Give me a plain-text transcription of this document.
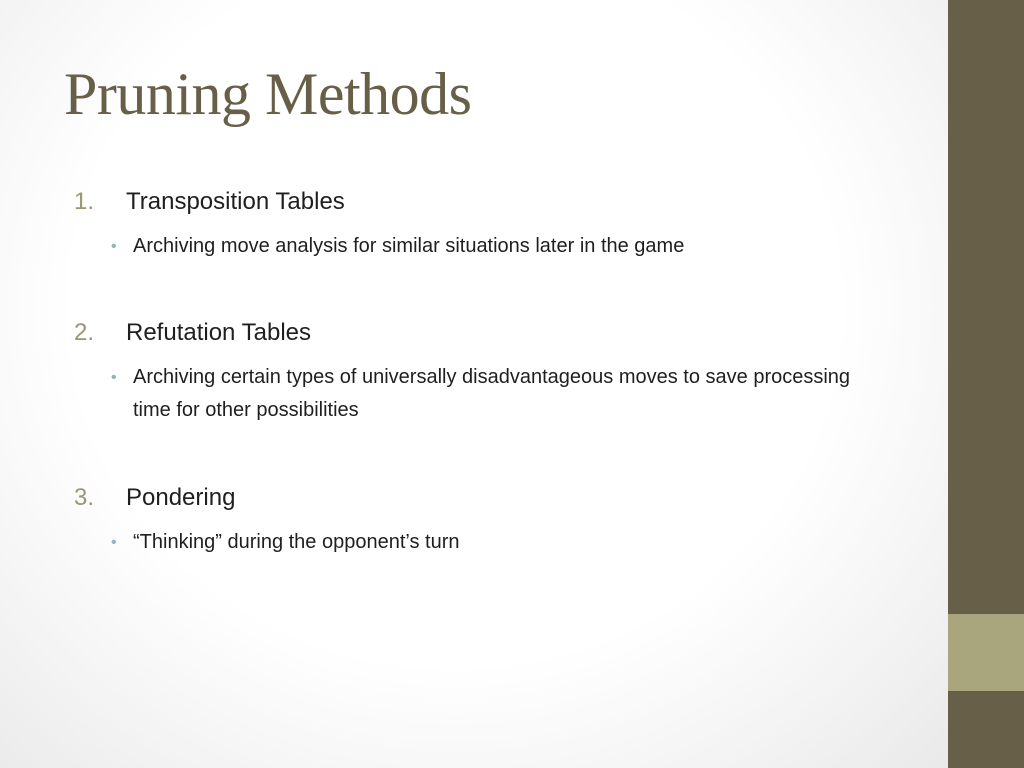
Pruning Methods
1. Transposition Tables
• Archiving move analysis for similar situations later in the game
2. Refutation Tables
• Archiving certain types of universally disadvantageous moves to save processing time for other possibilities
3. Pondering
• “Thinking” during the opponent’s turn
